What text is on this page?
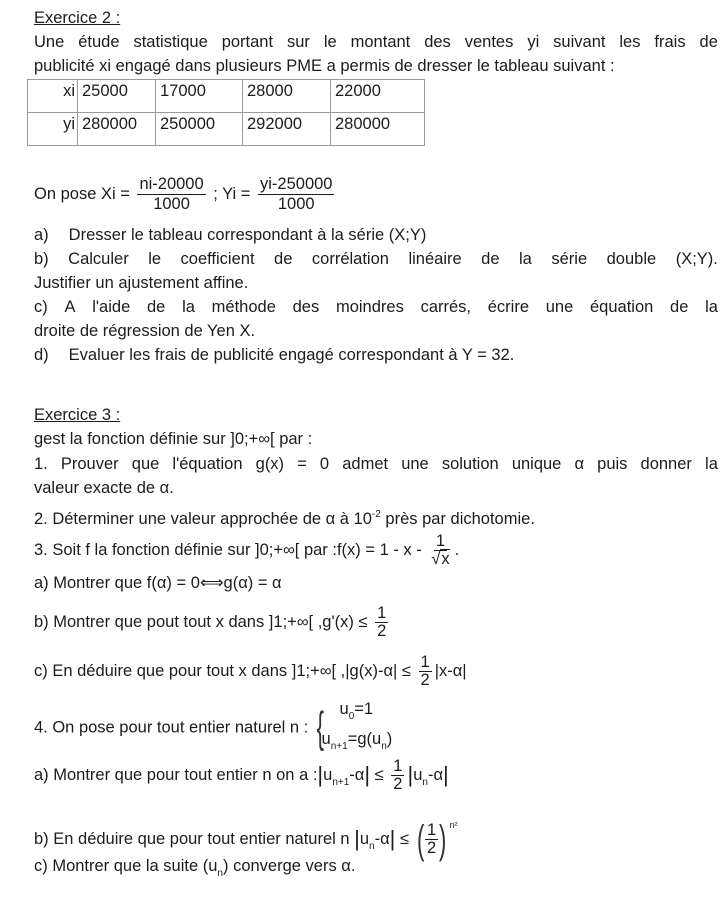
Exercice 2 :
Une étude statistique portant sur le montant des ventes yi suivant les frais de
publicité xi engagé dans plusieurs PME a permis de dresser le tableau suivant :
xi	25000	17000	28000	22000
yi	280000	250000	292000	280000
On pose $Xi = \frac{ni-20000}{1000}$ ; $Yi = \frac{yi-250000}{1000}$
a) Dresser le tableau correspondant à la série (X;Y)
b) Calculer le coefficient de corrélation linéaire de la série double (X;Y).
Justifier un ajustement affine.
c) A l'aide de la méthode des moindres carrés, écrire une équation de la
droite de régression de Yen X.
d) Evaluer les frais de publicité engagé correspondant à Y = 32.
Exercice 3 :
gest la fonction définie sur ]0;+∞[ par :
1. Prouver que l'équation g(x) = 0 admet une solution unique α puis donner la
valeur exacte de α.
2. Déterminer une valeur approchée de α à $10^{-2}$ près par dichotomie.
3. Soit f la fonction définie sur ]0;+∞[ par :f(x) = 1 - x - $\frac{1}{√x}$ .
a) Montrer que f(α) = 0⟺g(α) = α
b) Montrer que pout tout x dans ]1;+∞[ $,g'(x) \le \frac{1}{2}$
c) En déduire que pour tout x dans ]1;+∞[ $,|g(x)-\alpha| \le \frac{1}{2} |x-\alpha|$
4. On pose pour tout entier naturel n : { $u_0=1$
$u_{n+1}=g(u_n)$
a) Montrer que pour tout entier n on a $:|u_{n+1}-\alpha| \le \frac{1}{2} |u_n-\alpha|$
b) En déduire que pour tout entier naturel n $|u_n-\alpha|$ ≤ ( $\frac{1}{2}$ ) $^{n^2}$
c) Montrer que la suite $(u_n)$ converge vers α.
